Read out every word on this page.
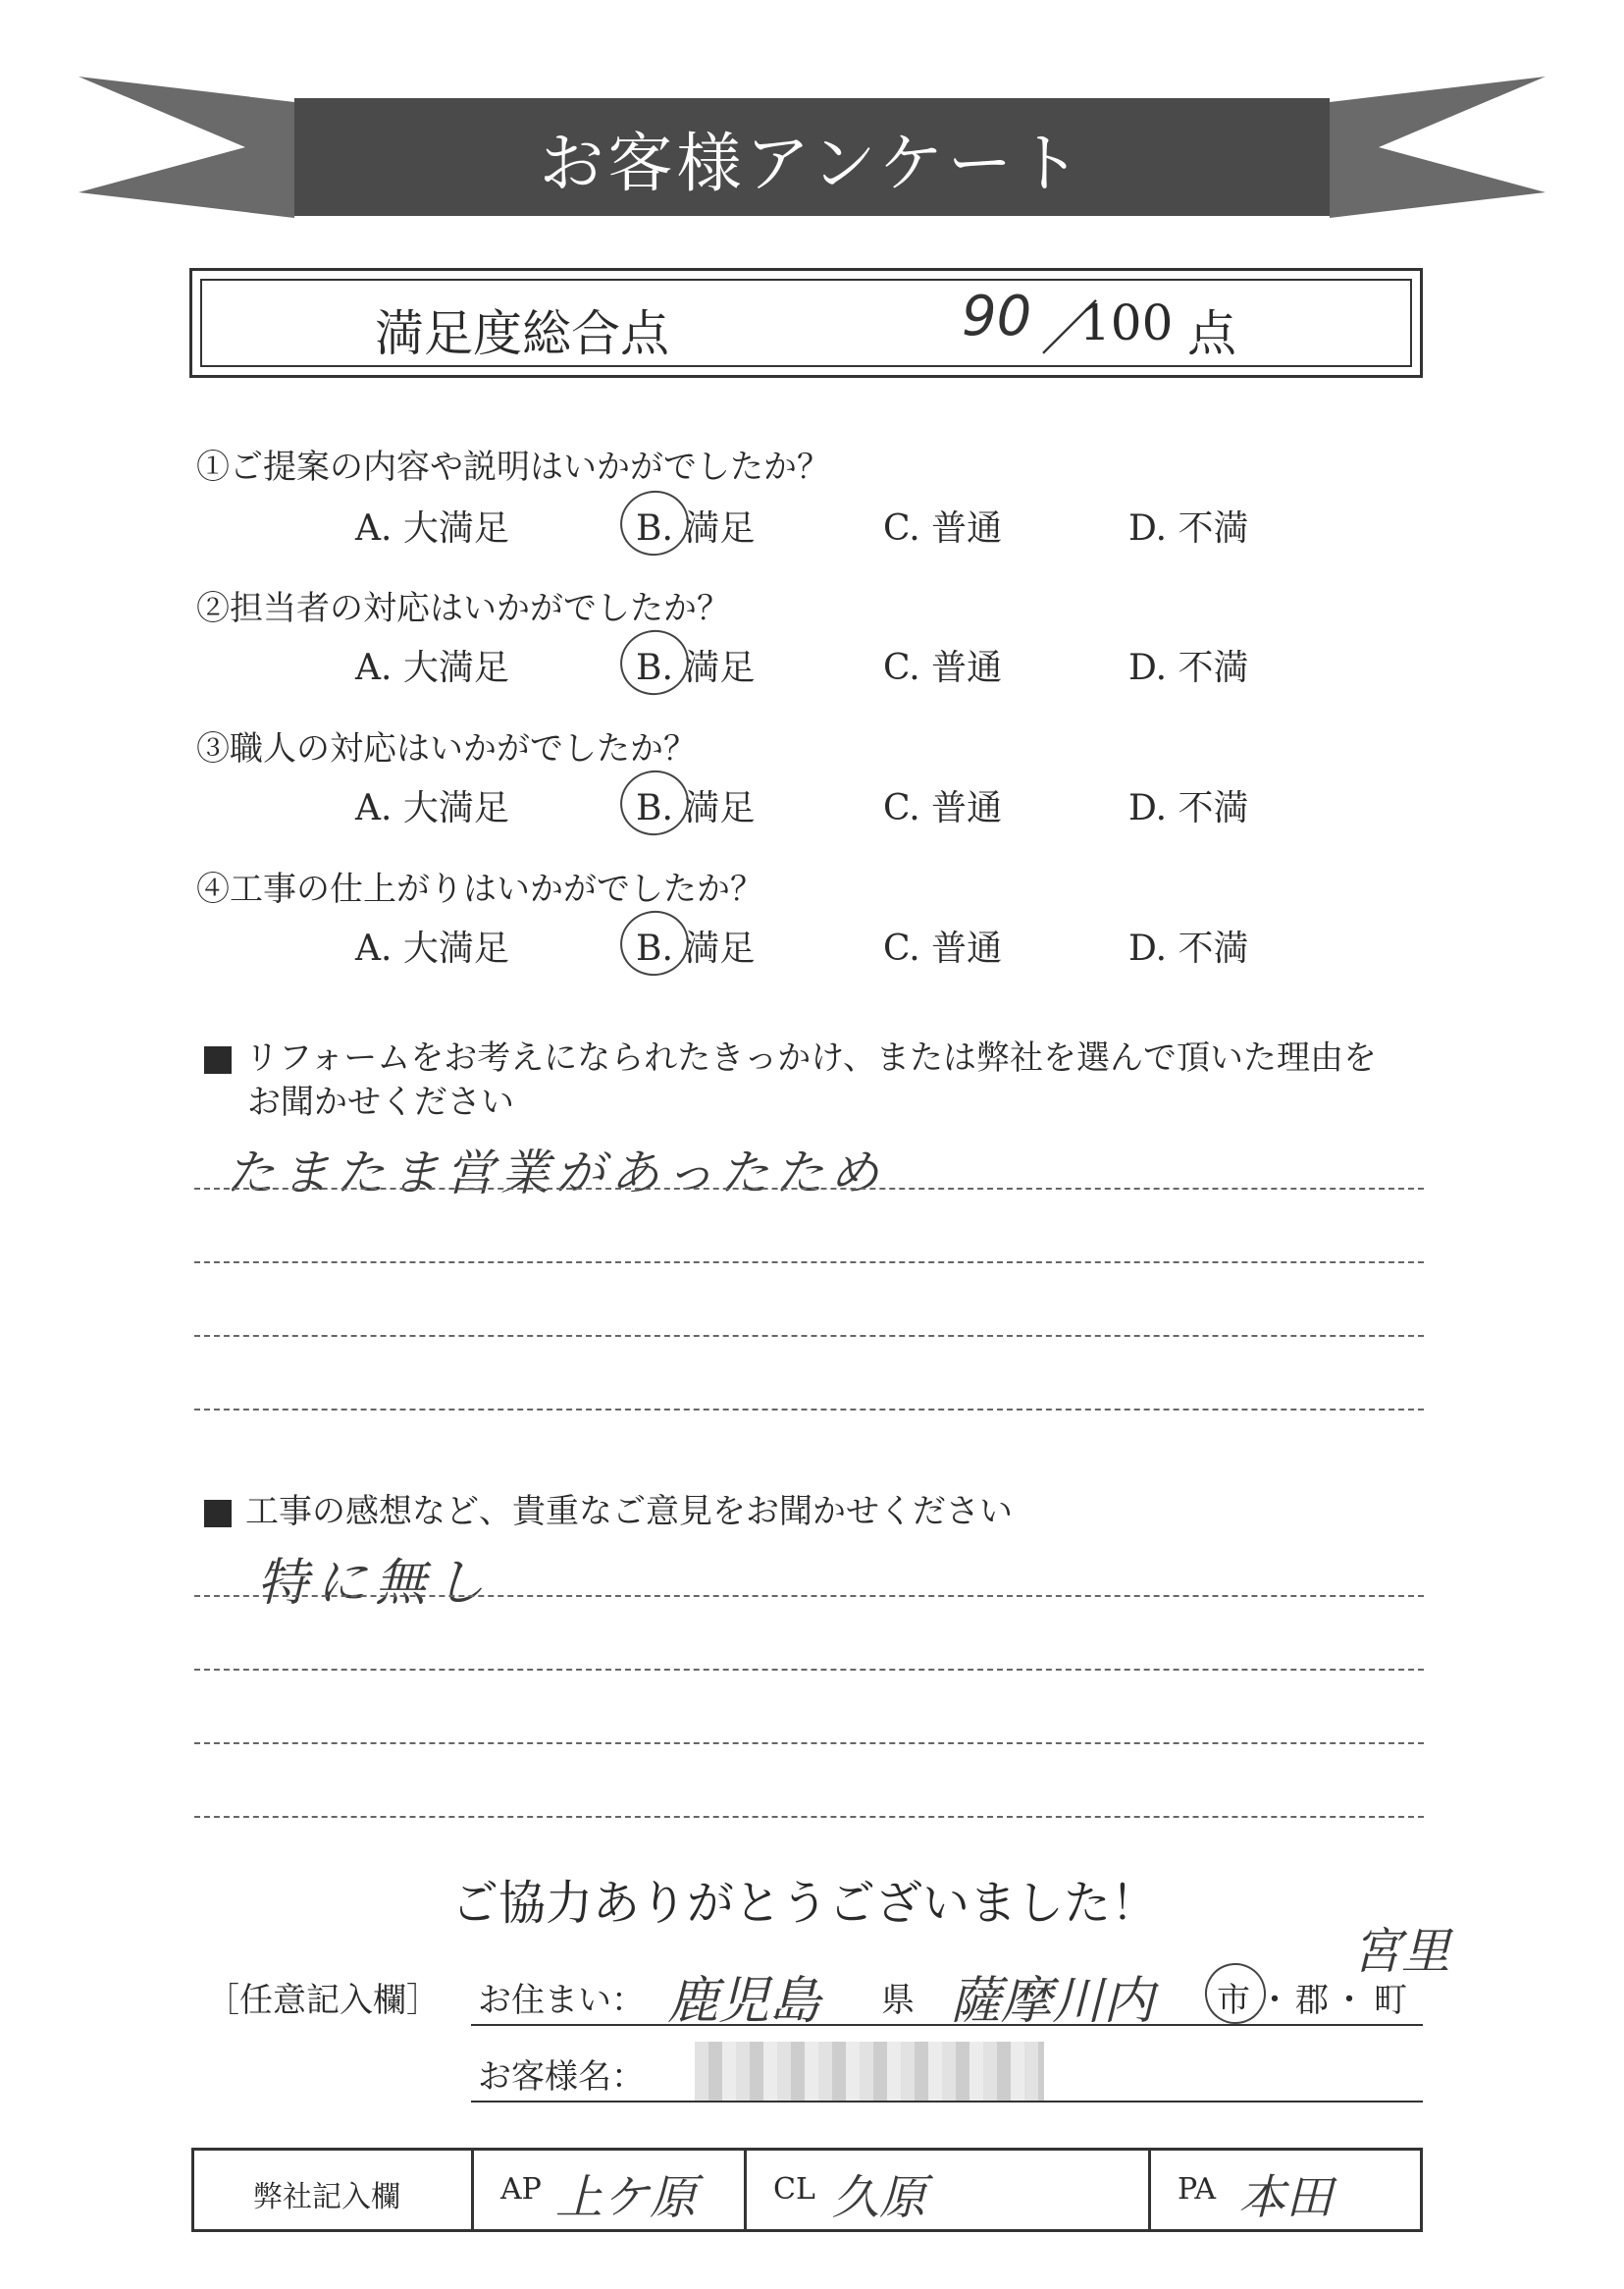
お客様アンケート
満足度総合点	90 ／
100 点
①ご提案の内容や説明はいかがでしたか？
A. 大満足	B. 満足	C. 普通	D. 不満
②担当者の対応はいかがでしたか？
A. 大満足	B. 満足	C. 普通	D. 不満
③職人の対応はいかがでしたか？
A. 大満足	B. 満足	C. 普通	D. 不満
④工事の仕上がりはいかがでしたか？
A. 大満足	B. 満足	C. 普通	D. 不満
リフォームをお考えになられたきっかけ、または弊社を選んで頂いた理由を
お聞かせください
たまたま営業があったため
工事の感想など、貴重なご意見をお聞かせください
特に無し
ご協力ありがとうございました！
［任意記入欄］ お住まい： 鹿児島 県 薩摩川内 市 ・ 郡 ・
宮里
町
お客様名：
弊社記入欄	AP 上ケ原	CL 久原	PA 本田
